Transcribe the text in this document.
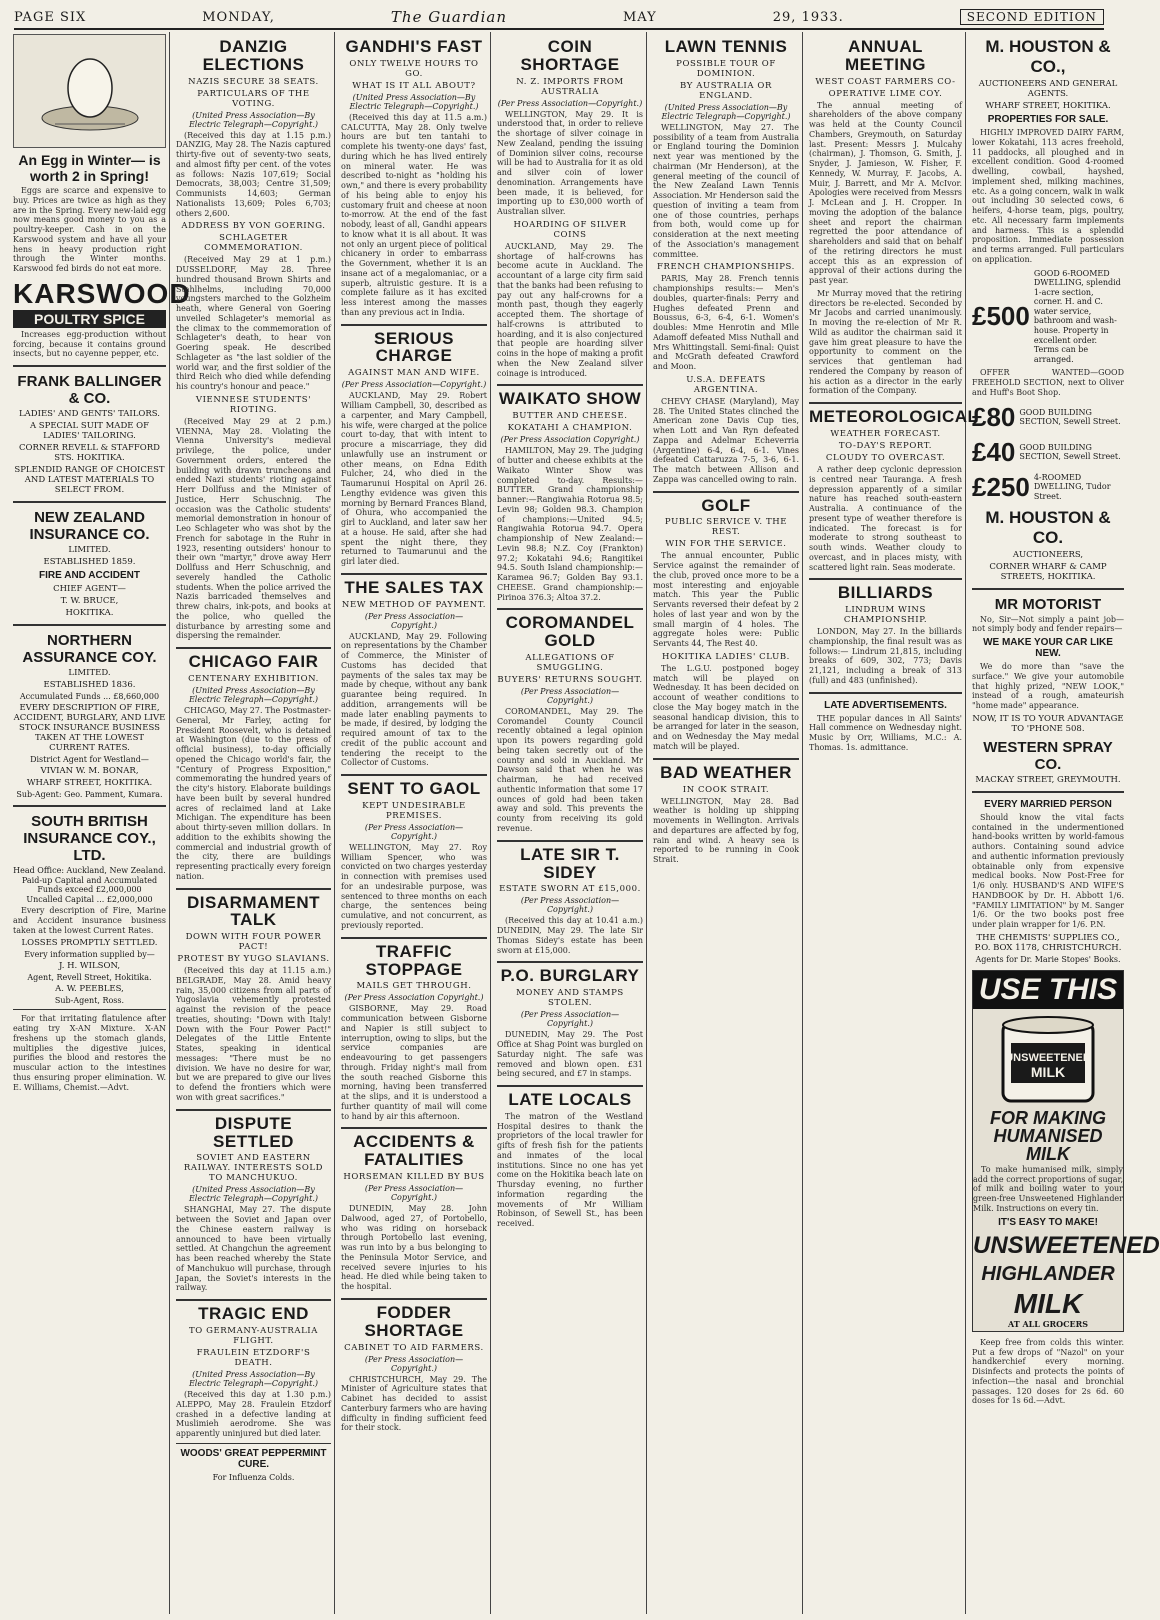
PAGE SIX	MONDAY,	The Guardian	MAY	29, 1933.	SECOND EDITION
An Egg in Winter— is worth 2 in Spring!
Eggs are scarce and expensive to buy. Prices are twice as high as they are in the Spring. Every new-laid egg now means good money to you as a poultry-keeper. Cash in on the Karswood system and have all your hens in heavy production right through the Winter months. Karswood fed birds do not eat more.
KARSWOOD
POULTRY SPICE
Increases egg-production without forcing, because it contains ground insects, but no cayenne pepper, etc.
FRANK BALLINGER & CO.
LADIES' AND GENTS' TAILORS.
A SPECIAL SUIT MADE OF LADIES' TAILORING.
CORNER REVELL & STAFFORD STS. HOKITIKA.
SPLENDID RANGE OF CHOICEST AND LATEST MATERIALS TO SELECT FROM.
NEW ZEALAND INSURANCE CO.
LIMITED.
ESTABLISHED 1859.
FIRE AND ACCIDENT
CHIEF AGENT—
T. W. BRUCE,
HOKITIKA.
NORTHERN ASSURANCE COY.
LIMITED.
ESTABLISHED 1836.
Accumulated Funds ... £8,660,000
EVERY DESCRIPTION OF FIRE, ACCIDENT, BURGLARY, AND LIVE STOCK INSURANCE BUSINESS TAKEN AT THE LOWEST CURRENT RATES.
District Agent for Westland—
VIVIAN W. M. BONAR,
WHARF STREET, HOKITIKA.
Sub-Agent: Geo. Pamment, Kumara.
SOUTH BRITISH INSURANCE COY., LTD.
Head Office: Auckland, New Zealand.
Paid-up Capital and Accumulated Funds exceed £2,000,000
Uncalled Capital ... £2,000,000
Every description of Fire, Marine and Accident insurance business taken at the lowest Current Rates.
LOSSES PROMPTLY SETTLED.
Every information supplied by—
J. H. WILSON,
Agent, Revell Street, Hokitika.
A. W. PEEBLES,
Sub-Agent, Ross.
For that irritating flatulence after eating try X-AN Mixture. X-AN freshens up the stomach glands, multiplies the digestive juices, purifies the blood and restores the muscular action to the intestines thus ensuring proper elimination. W. E. Williams, Chemist.—Advt.
DANZIG ELECTIONS
NAZIS SECURE 38 SEATS.
PARTICULARS OF THE VOTING.
(United Press Association—By Electric Telegraph—Copyright.)
(Received this day at 1.15 p.m.) DANZIG, May 28. The Nazis captured thirty-five out of seventy-two seats, and almost fifty per cent. of the votes as follows: Nazis 107,619; Social Democrats, 38,003; Centre 31,509; Communists 14,603; German Nationalists 13,609; Poles 6,703; others 2,600.
ADDRESS BY VON GOERING.
SCHLAGETER COMMEMORATION.
(Received May 29 at 1 p.m.) DUSSELDORF, May 28. Three hundred thousand Brown Shirts and Stahlhelms, including 70,000 youngsters marched to the Golzheim heath, where General von Goering unveiled Schlageter's memorial as the climax to the commemoration of Schlageter's death, to hear von Goering speak. He described Schlageter as "the last soldier of the world war, and the first soldier of the third Reich who died while defending his country's honour and peace."
VIENNESE STUDENTS' RIOTING.
(Received May 29 at 2 p.m.) VIENNA, May 28. Violating the Vienna University's medieval privilege, the police, under Government orders, entered the building with drawn truncheons and ended Nazi students' rioting against Herr Dollfuss and the Minister of Justice, Herr Schuschnig. The occasion was the Catholic students' memorial demonstration in honour of Leo Schlageter who was shot by the French for sabotage in the Ruhr in 1923, resenting outsiders' honour to their own "martyr," drove away Herr Dollfuss and Herr Schuschnig, and severely handled the Catholic students. When the police arrived the Nazis barricaded themselves and threw chairs, ink-pots, and books at the police, who quelled the disturbance by arresting some and dispersing the remainder.
CHICAGO FAIR
CENTENARY EXHIBITION.
(United Press Association—By Electric Telegraph—Copyright.)
CHICAGO, May 27. The Postmaster-General, Mr Farley, acting for President Roosevelt, who is detained at Washington (due to the press of official business), to-day officially opened the Chicago world's fair, the "Century of Progress Exposition," commemorating the hundred years of the city's history. Elaborate buildings have been built by several hundred acres of reclaimed land at Lake Michigan. The expenditure has been about thirty-seven million dollars. In addition to the exhibits showing the commercial and industrial growth of the city, there are buildings representing practically every foreign nation.
DISARMAMENT TALK
DOWN WITH FOUR POWER PACT!
PROTEST BY YUGO SLAVIANS.
(Received this day at 11.15 a.m.) BELGRADE, May 28. Amid heavy rain, 35,000 citizens from all parts of Yugoslavia vehemently protested against the revision of the peace treaties, shouting: "Down with Italy! Down with the Four Power Pact!" Delegates of the Little Entente States, speaking in identical messages: "There must be no division. We have no desire for war, but we are prepared to give our lives to defend the frontiers which were won with great sacrifices."
DISPUTE SETTLED
SOVIET AND EASTERN RAILWAY. INTERESTS SOLD TO MANCHUKUO.
(United Press Association—By Electric Telegraph—Copyright.)
SHANGHAI, May 27. The dispute between the Soviet and Japan over the Chinese eastern railway is announced to have been virtually settled. At Changchun the agreement has been reached whereby the State of Manchukuo will purchase, through Japan, the Soviet's interests in the railway.
TRAGIC END
TO GERMANY-AUSTRALIA FLIGHT.
FRAULEIN ETZDORF'S DEATH.
(United Press Association—By Electric Telegraph—Copyright.)
(Received this day at 1.30 p.m.) ALEPPO, May 28. Fraulein Etzdorf crashed in a defective landing at Muslimieh aerodrome. She was apparently uninjured but died later.
WOODS' GREAT PEPPERMINT CURE.
For Influenza Colds.
GANDHI'S FAST
ONLY TWELVE HOURS TO GO.
WHAT IS IT ALL ABOUT?
(United Press Association—By Electric Telegraph—Copyright.)
(Received this day at 11.5 a.m.) CALCUTTA, May 28. Only twelve hours are but ten tantahi to complete his twenty-one days' fast, during which he has lived entirely on mineral water. He was described to-night as "holding his own," and there is every probability of his being able to enjoy his customary fruit and cheese at noon to-morrow. At the end of the fast nobody, least of all, Gandhi appears to know what it is all about. It was not only an urgent piece of political chicanery in order to embarrass the Government, whether it is an insane act of a megalomaniac, or a superb, altruistic gesture. It is a complete failure as it has excited less interest among the masses than any previous act in India.
SERIOUS CHARGE
AGAINST MAN AND WIFE.
(Per Press Association—Copyright.)
AUCKLAND, May 29. Robert William Campbell, 30, described as a carpenter, and Mary Campbell, his wife, were charged at the police court to-day, that with intent to procure a miscarriage, they did unlawfully use an instrument or other means, on Edna Edith Fulcher, 24, who died in the Taumarunui Hospital on April 26. Lengthy evidence was given this morning by Bernard Frances Bland, of Ohura, who accompanied the girl to Auckland, and later saw her at a house. He said, after she had spent the night there, they returned to Taumarunui and the girl later died.
THE SALES TAX
NEW METHOD OF PAYMENT.
(Per Press Association— Copyright.)
AUCKLAND, May 29. Following on representations by the Chamber of Commerce, the Minister of Customs has decided that payments of the sales tax may be made by cheque, without any bank guarantee being required. In addition, arrangements will be made later enabling payments to be made, if desired, by lodging the required amount of tax to the credit of the public account and tendering the receipt to the Collector of Customs.
SENT TO GAOL
KEPT UNDESIRABLE PREMISES.
(Per Press Association— Copyright.)
WELLINGTON, May 27. Roy William Spencer, who was convicted on two charges yesterday in connection with premises used for an undesirable purpose, was sentenced to three months on each charge, the sentences being cumulative, and not concurrent, as previously reported.
TRAFFIC STOPPAGE
MAILS GET THROUGH.
(Per Press Association Copyright.)
GISBORNE, May 29. Road communication between Gisborne and Napier is still subject to interruption, owing to slips, but the service companies are endeavouring to get passengers through. Friday night's mail from the south reached Gisborne this morning, having been transferred at the slips, and it is understood a further quantity of mail will come to hand by air this afternoon.
ACCIDENTS & FATALITIES
HORSEMAN KILLED BY BUS
(Per Press Association— Copyright.)
DUNEDIN, May 28. John Dalwood, aged 27, of Portobello, who was riding on horseback through Portobello last evening, was run into by a bus belonging to the Peninsula Motor Service, and received severe injuries to his head. He died while being taken to the hospital.
FODDER SHORTAGE
CABINET TO AID FARMERS.
(Per Press Association— Copyright.)
CHRISTCHURCH, May 29. The Minister of Agriculture states that Cabinet has decided to assist Canterbury farmers who are having difficulty in finding sufficient feed for their stock.
COIN SHORTAGE
N. Z. IMPORTS FROM AUSTRALIA
(Per Press Association—Copyright.)
WELLINGTON, May 29. It is understood that, in order to relieve the shortage of silver coinage in New Zealand, pending the issuing of Dominion silver coins, recourse will be had to Australia for it as old and silver coin of lower denomination. Arrangements have been made, it is believed, for importing up to £30,000 worth of Australian silver.
HOARDING OF SILVER COINS
AUCKLAND, May 29. The shortage of half-crowns has become acute in Auckland. The accountant of a large city firm said that the banks had been refusing to pay out any half-crowns for a month past, though they eagerly accepted them. The shortage of half-crowns is attributed to hoarding, and it is also conjectured that people are hoarding silver coins in the hope of making a profit when the New Zealand silver coinage is introduced.
WAIKATO SHOW
BUTTER AND CHEESE.
KOKATAHI A CHAMPION.
(Per Press Association Copyright.)
HAMILTON, May 29. The judging of butter and cheese exhibits at the Waikato Winter Show was completed to-day. Results:— BUTTER. Grand championship banner:—Rangiwahia Rotorua 98.5; Levin 98; Golden 98.3. Champion of champions:—United 94.5; Rangiwahia Rotorua 94.7. Opera championship of New Zealand:—Levin 98.8; N.Z. Coy (Frankton) 97.2; Kokatahi 94.6; Rangitikei 94.5. South Island championship:—Karamea 96.7; Golden Bay 93.1. CHEESE. Grand championship:—Pirinoa 376.3; Altoa 37.2.
COROMANDEL GOLD
ALLEGATIONS OF SMUGGLING.
BUYERS' RETURNS SOUGHT.
(Per Press Association— Copyright.)
COROMANDEL, May 29. The Coromandel County Council recently obtained a legal opinion upon its powers regarding gold being taken secretly out of the county and sold in Auckland. Mr Dawson said that when he was chairman, he had received authentic information that some 17 ounces of gold had been taken away and sold. This prevents the county from receiving its gold revenue.
LATE SIR T. SIDEY
ESTATE SWORN AT £15,000.
(Per Press Association— Copyright.)
(Received this day at 10.41 a.m.) DUNEDIN, May 29. The late Sir Thomas Sidey's estate has been sworn at £15,000.
P.O. BURGLARY
MONEY AND STAMPS STOLEN.
(Per Press Association— Copyright.)
DUNEDIN, May 29. The Post Office at Shag Point was burgled on Saturday night. The safe was removed and blown open. £31 being secured, and £7 in stamps.
LATE LOCALS
The matron of the Westland Hospital desires to thank the proprietors of the local trawler for gifts of fresh fish for the patients and inmates of the local institutions. Since no one has yet come on the Hokitika beach late on Thursday evening, no further information regarding the movements of Mr William Robinson, of Sewell St., has been received.
LAWN TENNIS
POSSIBLE TOUR OF DOMINION.
BY AUSTRALIA OR ENGLAND.
(United Press Association—By Electric Telegraph—Copyright.)
WELLINGTON, May 27. The possibility of a team from Australia or England touring the Dominion next year was mentioned by the chairman (Mr Henderson), at the general meeting of the council of the New Zealand Lawn Tennis Association. Mr Henderson said the question of inviting a team from one of those countries, perhaps from both, would come up for consideration at the next meeting of the Association's management committee.
FRENCH CHAMPIONSHIPS.
PARIS, May 28. French tennis championships results:— Men's doubles, quarter-finals: Perry and Hughes defeated Prenn and Boussus, 6-3, 6-4, 6-1. Women's doubles: Mme Henrotin and Mlle Adamoff defeated Miss Nuthall and Mrs Whittingstall. Semi-final: Quist and McGrath defeated Crawford and Moon.
U.S.A. DEFEATS ARGENTINA.
CHEVY CHASE (Maryland), May 28. The United States clinched the American zone Davis Cup ties, when Lott and Van Ryn defeated Zappa and Adelmar Echeverria (Argentine) 6-4, 6-4, 6-1. Vines defeated Cattaruzza 7-5, 3-6, 6-1. The match between Allison and Zappa was cancelled owing to rain.
GOLF
PUBLIC SERVICE V. THE REST.
WIN FOR THE SERVICE.
The annual encounter, Public Service against the remainder of the club, proved once more to be a most interesting and enjoyable match. This year the Public Servants reversed their defeat by 2 holes of last year and won by the small margin of 4 holes. The aggregate holes were: Public Servants 44, The Rest 40.
HOKITIKA LADIES' CLUB.
The L.G.U. postponed bogey match will be played on Wednesday. It has been decided on account of weather conditions to close the May bogey match in the seasonal handicap division, this to be arranged for later in the season, and on Wednesday the May medal match will be played.
BAD WEATHER
IN COOK STRAIT.
WELLINGTON, May 28. Bad weather is holding up shipping movements in Wellington. Arrivals and departures are affected by fog, rain and wind. A heavy sea is reported to be running in Cook Strait.
ANNUAL MEETING
WEST COAST FARMERS CO-
OPERATIVE LIME COY.
The annual meeting of shareholders of the above company was held at the County Council Chambers, Greymouth, on Saturday last. Present: Messrs J. Mulcahy (chairman), J. Thomson, G. Smith, J. Snyder, J. Jamieson, W. Fisher, F. Kennedy, W. Murray, F. Jacobs, A. Muir, J. Barrett, and Mr A. McIvor. Apologies were received from Messrs J. McLean and J. H. Cropper. In moving the adoption of the balance sheet and report the chairman regretted the poor attendance of shareholders and said that on behalf of the retiring directors he must accept this as an expression of approval of their actions during the past year.
Mr Murray moved that the retiring directors be re-elected. Seconded by Mr Jacobs and carried unanimously. In moving the re-election of Mr R. Wild as auditor the chairman said it gave him great pleasure to have the opportunity to comment on the services that gentleman had rendered the Company by reason of his action as a director in the early formation of the Company.
METEOROLOGICAL
WEATHER FORECAST.
TO-DAY'S REPORT.
CLOUDY TO OVERCAST.
A rather deep cyclonic depression is centred near Tauranga. A fresh depression apparently of a similar nature has reached south-eastern Australia. A continuance of the present type of weather therefore is indicated. The forecast is for moderate to strong southeast to south winds. Weather cloudy to overcast, and in places misty, with scattered light rain. Seas moderate.
BILLIARDS
LINDRUM WINS CHAMPIONSHIP.
LONDON, May 27. In the billiards championship, the final result was as follows:— Lindrum 21,815, including breaks of 609, 302, 773; Davis 21,121, including a break of 313 (full) and 483 (unfinished).
LATE ADVERTISEMENTS.
THE popular dances in All Saints' Hall commence on Wednesday night. Music by Orr, Williams, M.C.: A. Thomas. 1s. admittance.
M. HOUSTON & CO.,
AUCTIONEERS AND GENERAL AGENTS.
WHARF STREET, HOKITIKA.
PROPERTIES FOR SALE.
HIGHLY IMPROVED DAIRY FARM, lower Kokatahi, 113 acres freehold, 11 paddocks, all ploughed and in excellent condition. Good 4-roomed dwelling, cowbail, hayshed, implement shed, milking machines, etc. As a going concern, walk in walk out including 30 selected cows, 6 heifers, 4-horse team, pigs, poultry, etc. All necessary farm implements and harness. This is a splendid proposition. Immediate possession and terms arranged. Full particulars on application.
£500
GOOD 6-ROOMED DWELLING, splendid 1-acre section, corner. H. and C. water service, bathroom and wash-house. Property in excellent order. Terms can be arranged.
OFFER WANTED—GOOD FREEHOLD SECTION, next to Oliver and Huff's Boot Shop.
£80 GOOD BUILDING SECTION, Sewell Street.
£40 GOOD BUILDING SECTION, Sewell Street.
£250 4-ROOMED DWELLING, Tudor Street.
M. HOUSTON & CO.
AUCTIONEERS,
CORNER WHARF & CAMP STREETS, HOKITIKA.
MR MOTORIST
No, Sir—Not simply a paint job—not simply body and fender repairs—
WE MAKE YOUR CAR LIKE NEW.
We do more than "save the surface." We give your automobile that highly prized, "NEW LOOK," instead of a rough, amateurish "home made" appearance.
NOW, IT IS TO YOUR ADVANTAGE TO 'PHONE 508.
WESTERN SPRAY CO.
MACKAY STREET, GREYMOUTH.
EVERY MARRIED PERSON
Should know the vital facts contained in the undermentioned hand-books written by world-famous authors. Containing sound advice and authentic information previously obtainable only from expensive medical books. Now Post-Free for 1/6 only. HUSBAND'S AND WIFE'S HANDBOOK by Dr. H. Abbott 1/6. "FAMILY LIMITATION" by M. Sanger 1/6. Or the two books post free under plain wrapper for 1/6. P.N.
THE CHEMISTS' SUPPLIES CO., P.O. BOX 1178, CHRISTCHURCH.
Agents for Dr. Marie Stopes' Books.
USE THIS
UNSWEETENED
MILK
FOR MAKING HUMANISED MILK
To make humanised milk, simply add the correct proportions of sugar, of milk and boiling water to your green-free Unsweetened Highlander Milk. Instructions on every tin.
IT'S EASY TO MAKE!
UNSWEETENED
HIGHLANDER
MILK
AT ALL GROCERS
Keep free from colds this winter. Put a few drops of "Nazol" on your handkerchief every morning. Disinfects and protects the points of infection—the nasal and bronchial passages. 120 doses for 2s 6d. 60 doses for 1s 6d.—Advt.
